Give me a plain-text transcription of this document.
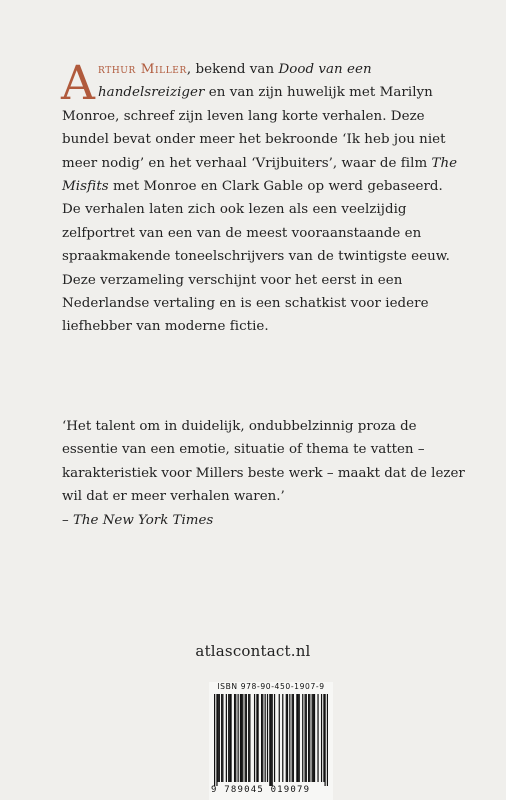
Arthur Miller, bekend van Dood van een handelsreiziger en van zijn huwelijk met Marilyn Monroe, schreef zijn leven lang korte verhalen. Deze bundel bevat onder meer het bekroonde ‘Ik heb jou niet meer nodig’ en het verhaal ‘Vrijbuiters’, waar de film The Misfits met Monroe en Clark Gable op werd gebaseerd.

De verhalen laten zich ook lezen als een veelzijdig zelfportret van een van de meest vooraanstaande en spraakmakende toneelschrijvers van de twintigste eeuw. Deze verzameling verschijnt voor het eerst in een Nederlandse vertaling en is een schatkist voor iedere liefhebber van moderne fictie.

‘Het talent om in duidelijk, ondubbelzinnig proza de essentie van een emotie, situatie of thema te vatten – karakteristiek voor Millers beste werk – maakt dat de lezer wil dat er meer verhalen waren.’

– The New York Times

atlascontact.nl
ISBN 978-90-450-1907-9
9 789045 019079
